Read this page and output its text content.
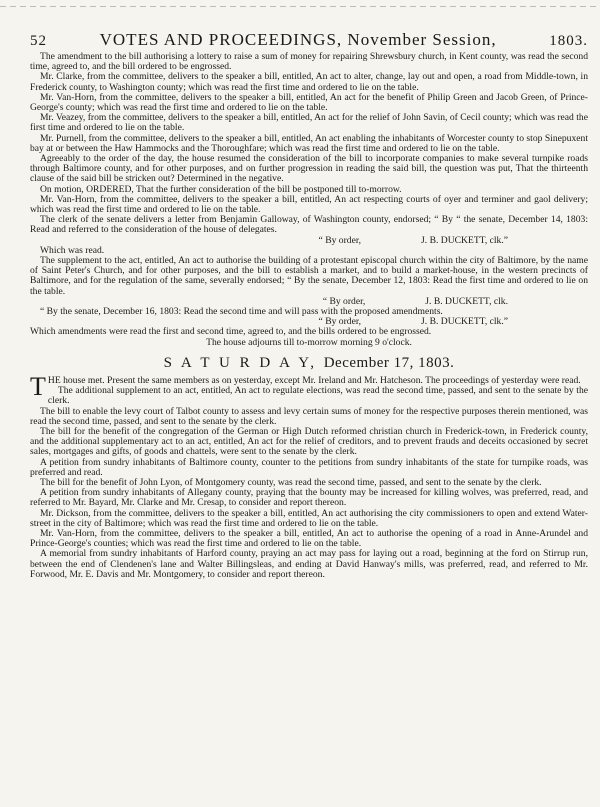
52	VOTES AND PROCEEDINGS, November Session,	1803.

The amendment to the bill authorising a lottery to raise a sum of money for repairing Shrewsbury church, in Kent county, was read the second time, agreed to, and the bill ordered to be engrossed.

Mr. Clarke, from the committee, delivers to the speaker a bill, entitled, An act to alter, change, lay out and open, a road from Middle-town, in Frederick county, to Washington county; which was read the first time and ordered to lie on the table.

Mr. Van-Horn, from the committee, delivers to the speaker a bill, entitled, An act for the benefit of Philip Green and Jacob Green, of Prince-George's county; which was read the first time and ordered to lie on the table.

Mr. Veazey, from the committee, delivers to the speaker a bill, entitled, An act for the relief of John Savin, of Cecil county; which was read the first time and ordered to lie on the table.

Mr. Purnell, from the committee, delivers to the speaker a bill, entitled, An act enabling the inhabitants of Worcester county to stop Sinepuxent bay at or between the Haw Hammocks and the Thoroughfare; which was read the first time and ordered to lie on the table.

Agreeably to the order of the day, the house resumed the consideration of the bill to incorporate companies to make several turnpike roads through Baltimore county, and for other purposes, and on further progression in reading the said bill, the question was put, That the thirteenth clause of the said bill be stricken out? Determined in the negative.

On motion, ORDERED, That the further consideration of the bill be postponed till to-morrow.

Mr. Van-Horn, from the committee, delivers to the speaker a bill, entitled, An act respecting courts of oyer and terminer and gaol delivery; which was read the first time and ordered to lie on the table.

The clerk of the senate delivers a letter from Benjamin Galloway, of Washington county, endorsed; “ By “ the senate, December 14, 1803: Read and referred to the consideration of the house of delegates.

“ By order,	J. B. DUCKETT, clk.”

Which was read.

The supplement to the act, entitled, An act to authorise the building of a protestant episcopal church within the city of Baltimore, by the name of Saint Peter's Church, and for other purposes, and the bill to establish a market, and to build a market-house, in the western precincts of Baltimore, and for the regulation of the same, severally endorsed; “ By the senate, December 12, 1803: Read the first time and ordered to lie on the table.

“ By order,	J. B. DUCKETT, clk.

“ By the senate, December 16, 1803: Read the second time and will pass with the proposed amendments.

“ By order,	J. B. DUCKETT, clk.”

Which amendments were read the first and second time, agreed to, and the bills ordered to be engrossed.

The house adjourns till to-morrow morning 9 o'clock.
S A T U R D A Y, December 17, 1803.

THE house met. Present the same members as on yesterday, except Mr. Ireland and Mr. Hatcheson. The proceedings of yesterday were read.

The additional supplement to an act, entitled, An act to regulate elections, was read the second time, passed, and sent to the senate by the clerk.

The bill to enable the levy court of Talbot county to assess and levy certain sums of money for the respective purposes therein mentioned, was read the second time, passed, and sent to the senate by the clerk.

The bill for the benefit of the congregation of the German or High Dutch reformed christian church in Frederick-town, in Frederick county, and the additional supplementary act to an act, entitled, An act for the relief of creditors, and to prevent frauds and deceits occasioned by secret sales, mortgages and gifts, of goods and chattels, were sent to the senate by the clerk.

A petition from sundry inhabitants of Baltimore county, counter to the petitions from sundry inhabitants of the state for turnpike roads, was preferred and read.

The bill for the benefit of John Lyon, of Montgomery county, was read the second time, passed, and sent to the senate by the clerk.

A petition from sundry inhabitants of Allegany county, praying that the bounty may be increased for killing wolves, was preferred, read, and referred to Mr. Bayard, Mr. Clarke and Mr. Cresap, to consider and report thereon.

Mr. Dickson, from the committee, delivers to the speaker a bill, entitled, An act authorising the city commissioners to open and extend Water-street in the city of Baltimore; which was read the first time and ordered to lie on the table.

Mr. Van-Horn, from the committee, delivers to the speaker a bill, entitled, An act to authorise the opening of a road in Anne-Arundel and Prince-George's counties; which was read the first time and ordered to lie on the table.

A memorial from sundry inhabitants of Harford county, praying an act may pass for laying out a road, beginning at the ford on Stirrup run, between the end of Clendenen's lane and Walter Billingsleas, and ending at David Hanway's mills, was preferred, read, and referred to Mr. Forwood, Mr. E. Davis and Mr. Montgomery, to consider and report thereon.
